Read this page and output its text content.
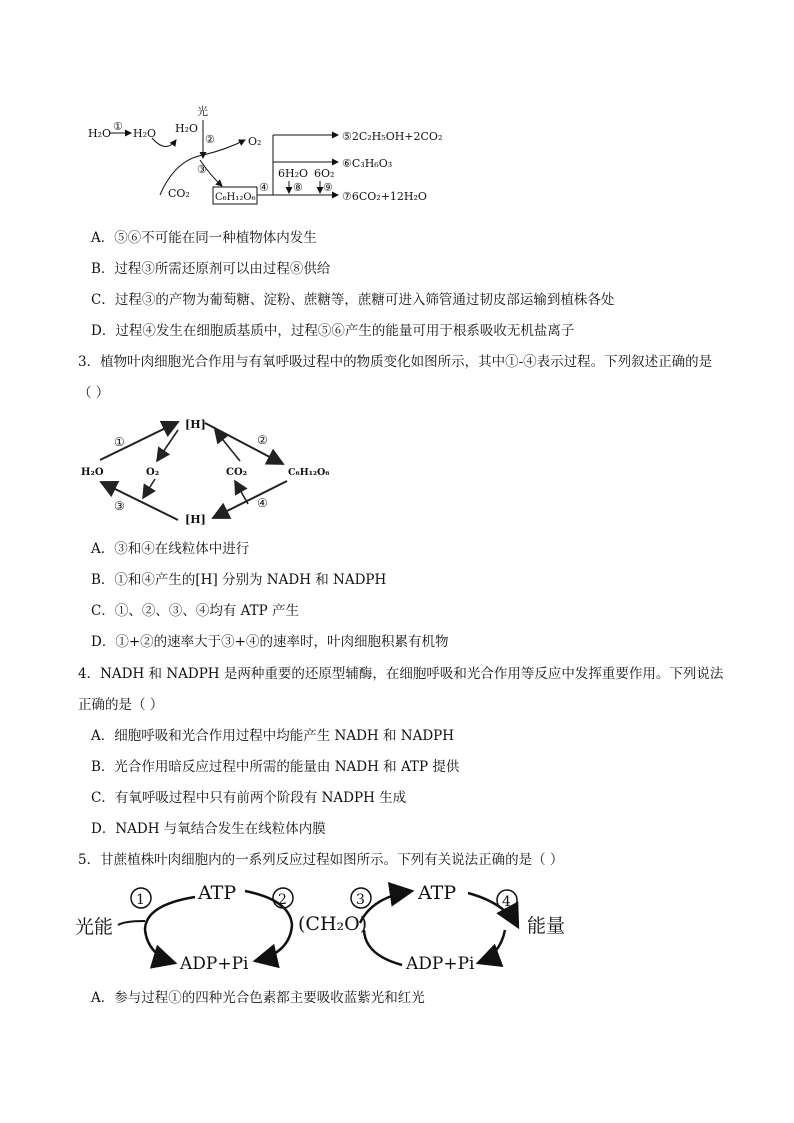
H₂O
①
H₂O H₂O
光
②	O₂
③
CO₂	C₆H₁₂O₆
④
⑤2C₂H₅OH+2CO₂
⑥C₃H₆O₃
6H₂O 6O₂
⑧ ⑨
⑦6CO₂+12H₂O
A．⑤⑥不可能在同一种植物体内发生
B．过程③所需还原剂可以由过程⑧供给
C．过程③的产物为葡萄糖、淀粉、蔗糖等，蔗糖可进入筛管通过韧皮部运输到植株各处
D．过程④发生在细胞质基质中，过程⑤⑥产生的能量可用于根系吸收无机盐离子
3．植物叶肉细胞光合作用与有氧呼吸过程中的物质变化如图所示，其中①-④表示过程。下列叙述正确的是
（ ）
[H]
[H]
H₂O	O₂	CO₂	C₆H₁₂O₆
①	②
③	④
A．③和④在线粒体中进行
B．①和④产生的[H] 分别为 NADH 和 NADPH
C．①、②、③、④均有 ATP 产生
D．①+②的速率大于③+④的速率时，叶肉细胞积累有机物
4．NADH 和 NADPH 是两种重要的还原型辅酶，在细胞呼吸和光合作用等反应中发挥重要作用。下列说法
正确的是（ ）
A．细胞呼吸和光合作用过程中均能产生 NADH 和 NADPH
B．光合作用暗反应过程中所需的能量由 NADH 和 ATP 提供
C．有氧呼吸过程中只有前两个阶段有 NADPH 生成
D．NADH 与氧结合发生在线粒体内膜
5．甘蔗植株叶肉细胞内的一系列反应过程如图所示。下列有关说法正确的是（ ）
光能
1	ATP	2
ADP+Pi
(CH₂O)
3	ATP	4
ADP+Pi
能量
A．参与过程①的四种光合色素都主要吸收蓝紫光和红光
